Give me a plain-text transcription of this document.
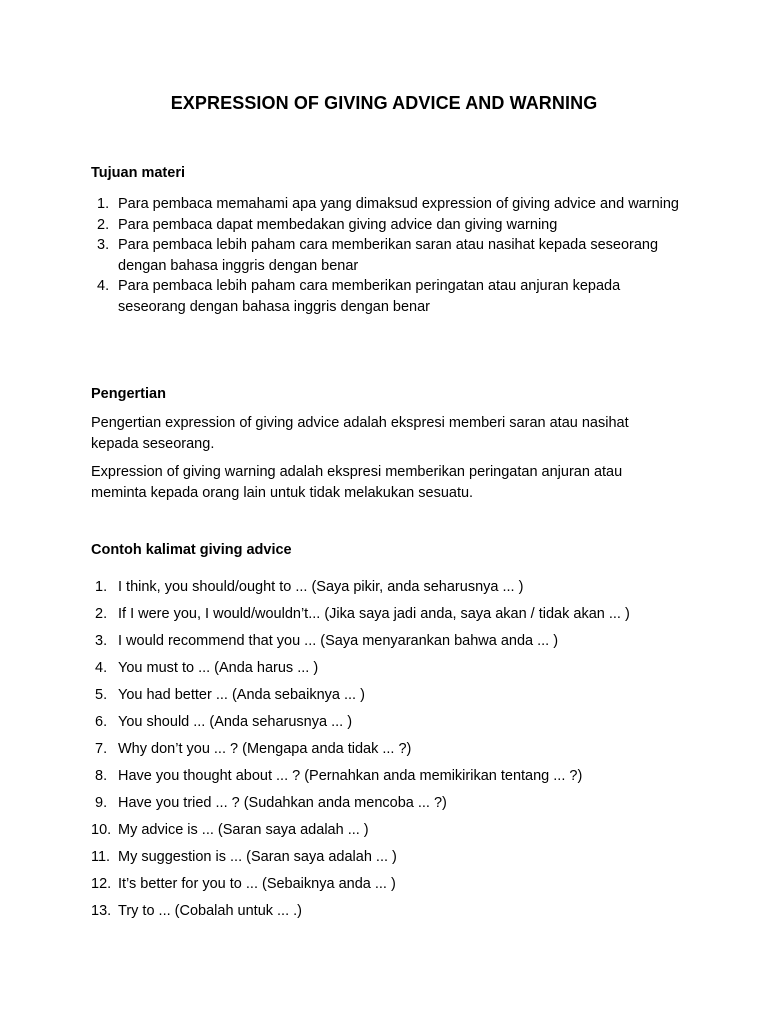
EXPRESSION OF GIVING ADVICE AND WARNING
Tujuan materi
1. Para pembaca memahami apa yang dimaksud expression of giving advice and warning
2. Para pembaca dapat membedakan giving advice dan giving warning
3. Para pembaca lebih paham cara memberikan saran atau nasihat kepada seseorang dengan bahasa inggris dengan benar
4. Para pembaca lebih paham cara memberikan peringatan atau anjuran kepada seseorang dengan bahasa inggris dengan benar
Pengertian

Pengertian expression of giving advice adalah ekspresi memberi saran atau nasihat kepada seseorang.

Expression of giving warning adalah ekspresi memberikan peringatan anjuran atau meminta kepada orang lain untuk tidak melakukan sesuatu.

Contoh kalimat giving advice
1. I think, you should/ought to ... (Saya pikir, anda seharusnya ... )
2. If I were you, I would/wouldn’t... (Jika saya jadi anda, saya akan / tidak akan ... )
3. I would recommend that you ... (Saya menyarankan bahwa anda ... )
4. You must to ... (Anda harus ... )
5. You had better ... (Anda sebaiknya ... )
6. You should ... (Anda seharusnya ... )
7. Why don’t you ... ? (Mengapa anda tidak ... ?)
8. Have you thought about ... ? (Pernahkan anda memikirikan tentang ... ?)
9. Have you tried ... ? (Sudahkan anda mencoba ... ?)
10. My advice is ... (Saran saya adalah ... )
11. My suggestion is ... (Saran saya adalah ... )
12. It’s better for you to ... (Sebaiknya anda ... )
13. Try to ... (Cobalah untuk ... .)
